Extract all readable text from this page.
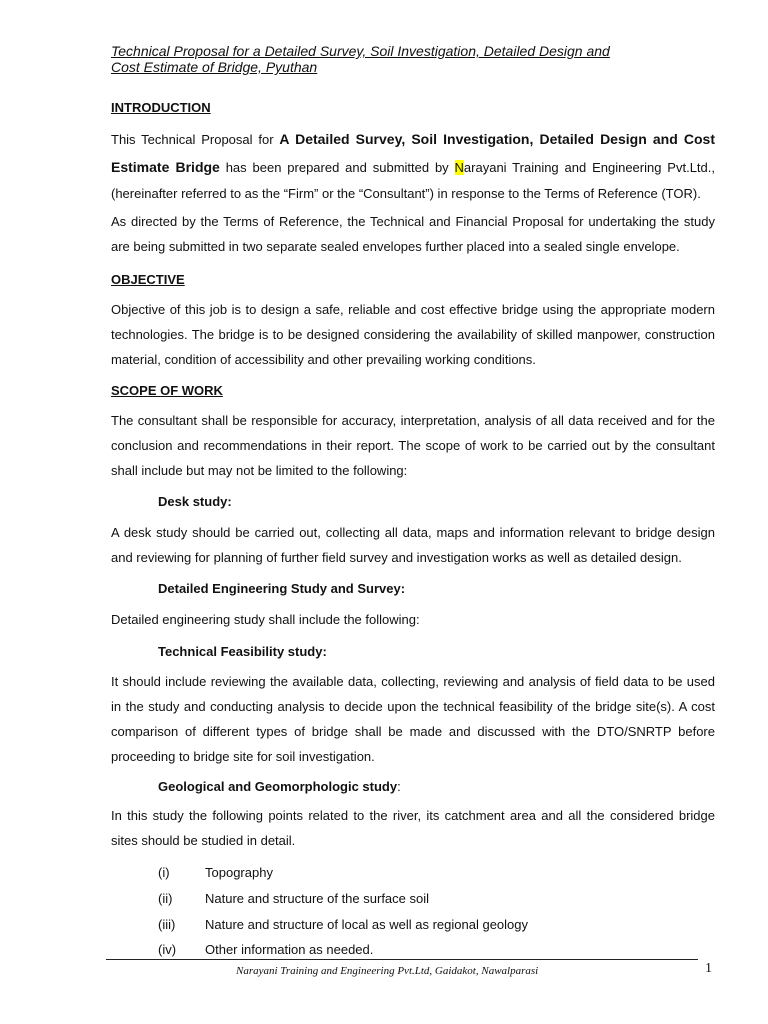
Technical Proposal for a Detailed Survey, Soil Investigation, Detailed Design and
Cost Estimate of Bridge, Pyuthan
INTRODUCTION
This Technical Proposal for A Detailed Survey, Soil Investigation, Detailed Design and Cost Estimate Bridge has been prepared and submitted by Narayani Training and Engineering Pvt.Ltd., (hereinafter referred to as the “Firm” or the “Consultant”) in response to the Terms of Reference (TOR).
As directed by the Terms of Reference, the Technical and Financial Proposal for undertaking the study are being submitted in two separate sealed envelopes further placed into a sealed single envelope.
OBJECTIVE
Objective of this job is to design a safe, reliable and cost effective bridge using the appropriate modern technologies. The bridge is to be designed considering the availability of skilled manpower, construction material, condition of accessibility and other prevailing working conditions.
SCOPE OF WORK
The consultant shall be responsible for accuracy, interpretation, analysis of all data received and for the conclusion and recommendations in their report. The scope of work to be carried out by the consultant shall include but may not be limited to the following:
Desk study:
A desk study should be carried out, collecting all data, maps and information relevant to bridge design and reviewing for planning of further field survey and investigation works as well as detailed design.
Detailed Engineering Study and Survey:
Detailed engineering study shall include the following:
Technical Feasibility study:
It should include reviewing the available data, collecting, reviewing and analysis of field data to be used in the study and conducting analysis to decide upon the technical feasibility of the bridge site(s). A cost comparison of different types of bridge shall be made and discussed with the DTO/SNRTP before proceeding to bridge site for soil investigation.
Geological and Geomorphologic study:
In this study the following points related to the river, its catchment area and all the considered bridge sites should be studied in detail.
(i)	Topography
(ii)	Nature and structure of the surface soil
(iii) Nature and structure of local as well as regional geology
(iv) Other information as needed.
Narayani Training and Engineering Pvt.Ltd, Gaidakot, Nawalparasi	1
